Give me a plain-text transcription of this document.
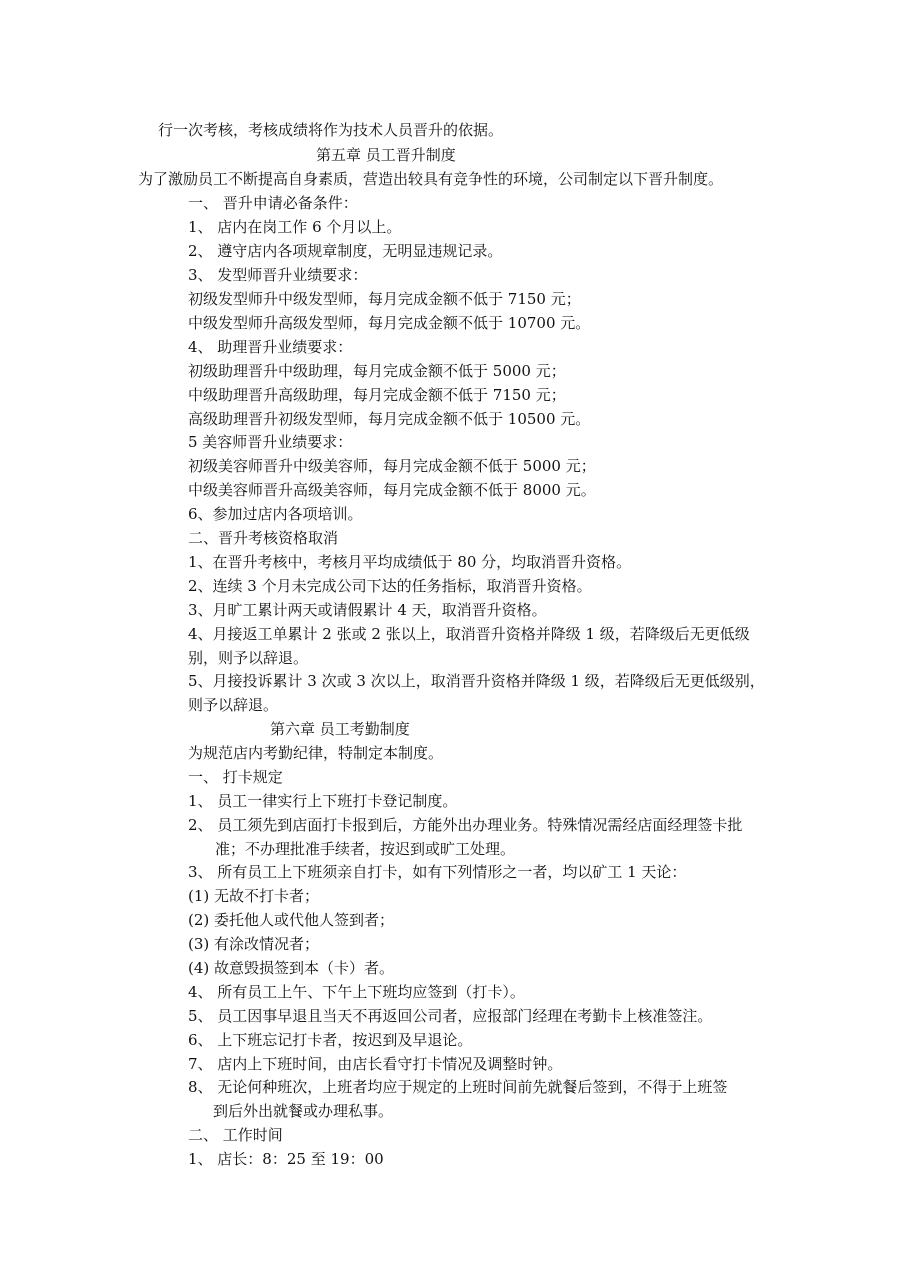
行一次考核，考核成绩将作为技术人员晋升的依据。
第五章 员工晋升制度
为了激励员工不断提高自身素质，营造出较具有竞争性的环境，公司制定以下晋升制度。
一、 晋升申请必备条件：
1、 店内在岗工作 6 个月以上。
2、 遵守店内各项规章制度，无明显违规记录。
3、 发型师晋升业绩要求：
初级发型师升中级发型师，每月完成金额不低于 7150 元；
中级发型师升高级发型师，每月完成金额不低于 10700 元。
4、 助理晋升业绩要求：
初级助理晋升中级助理，每月完成金额不低于 5000 元；
中级助理晋升高级助理，每月完成金额不低于 7150 元；
高级助理晋升初级发型师，每月完成金额不低于 10500 元。
5 美容师晋升业绩要求：
初级美容师晋升中级美容师，每月完成金额不低于 5000 元；
中级美容师晋升高级美容师，每月完成金额不低于 8000 元。
6、参加过店内各项培训。
二、晋升考核资格取消
1、在晋升考核中，考核月平均成绩低于 80 分，均取消晋升资格。
2、连续 3 个月未完成公司下达的任务指标，取消晋升资格。
3、月旷工累计两天或请假累计 4 天，取消晋升资格。
4、月接返工单累计 2 张或 2 张以上，取消晋升资格并降级 1 级，若降级后无更低级
别，则予以辞退。
5、月接投诉累计 3 次或 3 次以上，取消晋升资格并降级 1 级，若降级后无更低级别，
则予以辞退。
第六章 员工考勤制度
为规范店内考勤纪律，特制定本制度。
一、 打卡规定
1、 员工一律实行上下班打卡登记制度。
2、 员工须先到店面打卡报到后，方能外出办理业务。特殊情况需经店面经理签卡批
准；不办理批准手续者，按迟到或旷工处理。
3、 所有员工上下班须亲自打卡，如有下列情形之一者，均以矿工 1 天论：
(1) 无故不打卡者；
(2) 委托他人或代他人签到者；
(3) 有涂改情况者；
(4) 故意毁损签到本（卡）者。
4、 所有员工上午、下午上下班均应签到（打卡）。
5、 员工因事早退且当天不再返回公司者，应报部门经理在考勤卡上核准签注。
6、 上下班忘记打卡者，按迟到及早退论。
7、 店内上下班时间，由店长看守打卡情况及调整时钟。
8、 无论何种班次，上班者均应于规定的上班时间前先就餐后签到，不得于上班签
到后外出就餐或办理私事。
二、 工作时间
1、 店长：8：25 至 19：00
